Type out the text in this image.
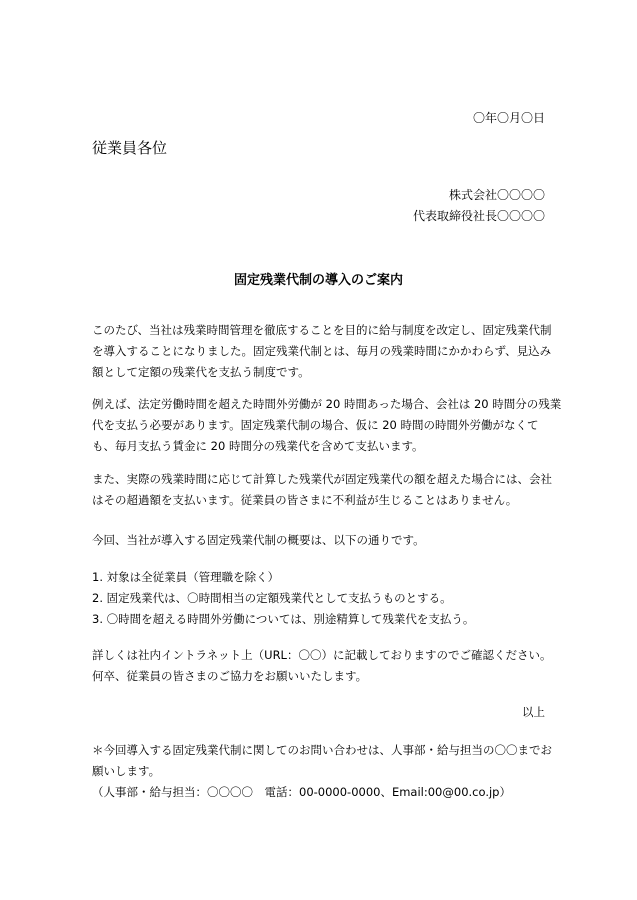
〇年〇月〇日
従業員各位
株式会社〇〇〇〇
代表取締役社長〇〇〇〇
固定残業代制の導入のご案内
このたび、当社は残業時間管理を徹底することを目的に給与制度を改定し、固定残業代制
を導入することになりました。固定残業代制とは、毎月の残業時間にかかわらず、見込み
額として定額の残業代を支払う制度です。
例えば、法定労働時間を超えた時間外労働が 20 時間あった場合、会社は 20 時間分の残業
代を支払う必要があります。固定残業代制の場合、仮に 20 時間の時間外労働がなくて
も、毎月支払う賃金に 20 時間分の残業代を含めて支払います。
また、実際の残業時間に応じて計算した残業代が固定残業代の額を超えた場合には、会社
はその超過額を支払います。従業員の皆さまに不利益が生じることはありません。
今回、当社が導入する固定残業代制の概要は、以下の通りです。
1. 対象は全従業員（管理職を除く）
2. 固定残業代は、〇時間相当の定額残業代として支払うものとする。
3. 〇時間を超える時間外労働については、別途精算して残業代を支払う。
詳しくは社内イントラネット上（URL：〇〇）に記載しておりますのでご確認ください。
何卒、従業員の皆さまのご協力をお願いいたします。
以上
＊今回導入する固定残業代制に関してのお問い合わせは、人事部・給与担当の〇〇までお
願いします。
（人事部・給与担当：〇〇〇〇　電話：00-0000-0000、Email:00@00.co.jp）
